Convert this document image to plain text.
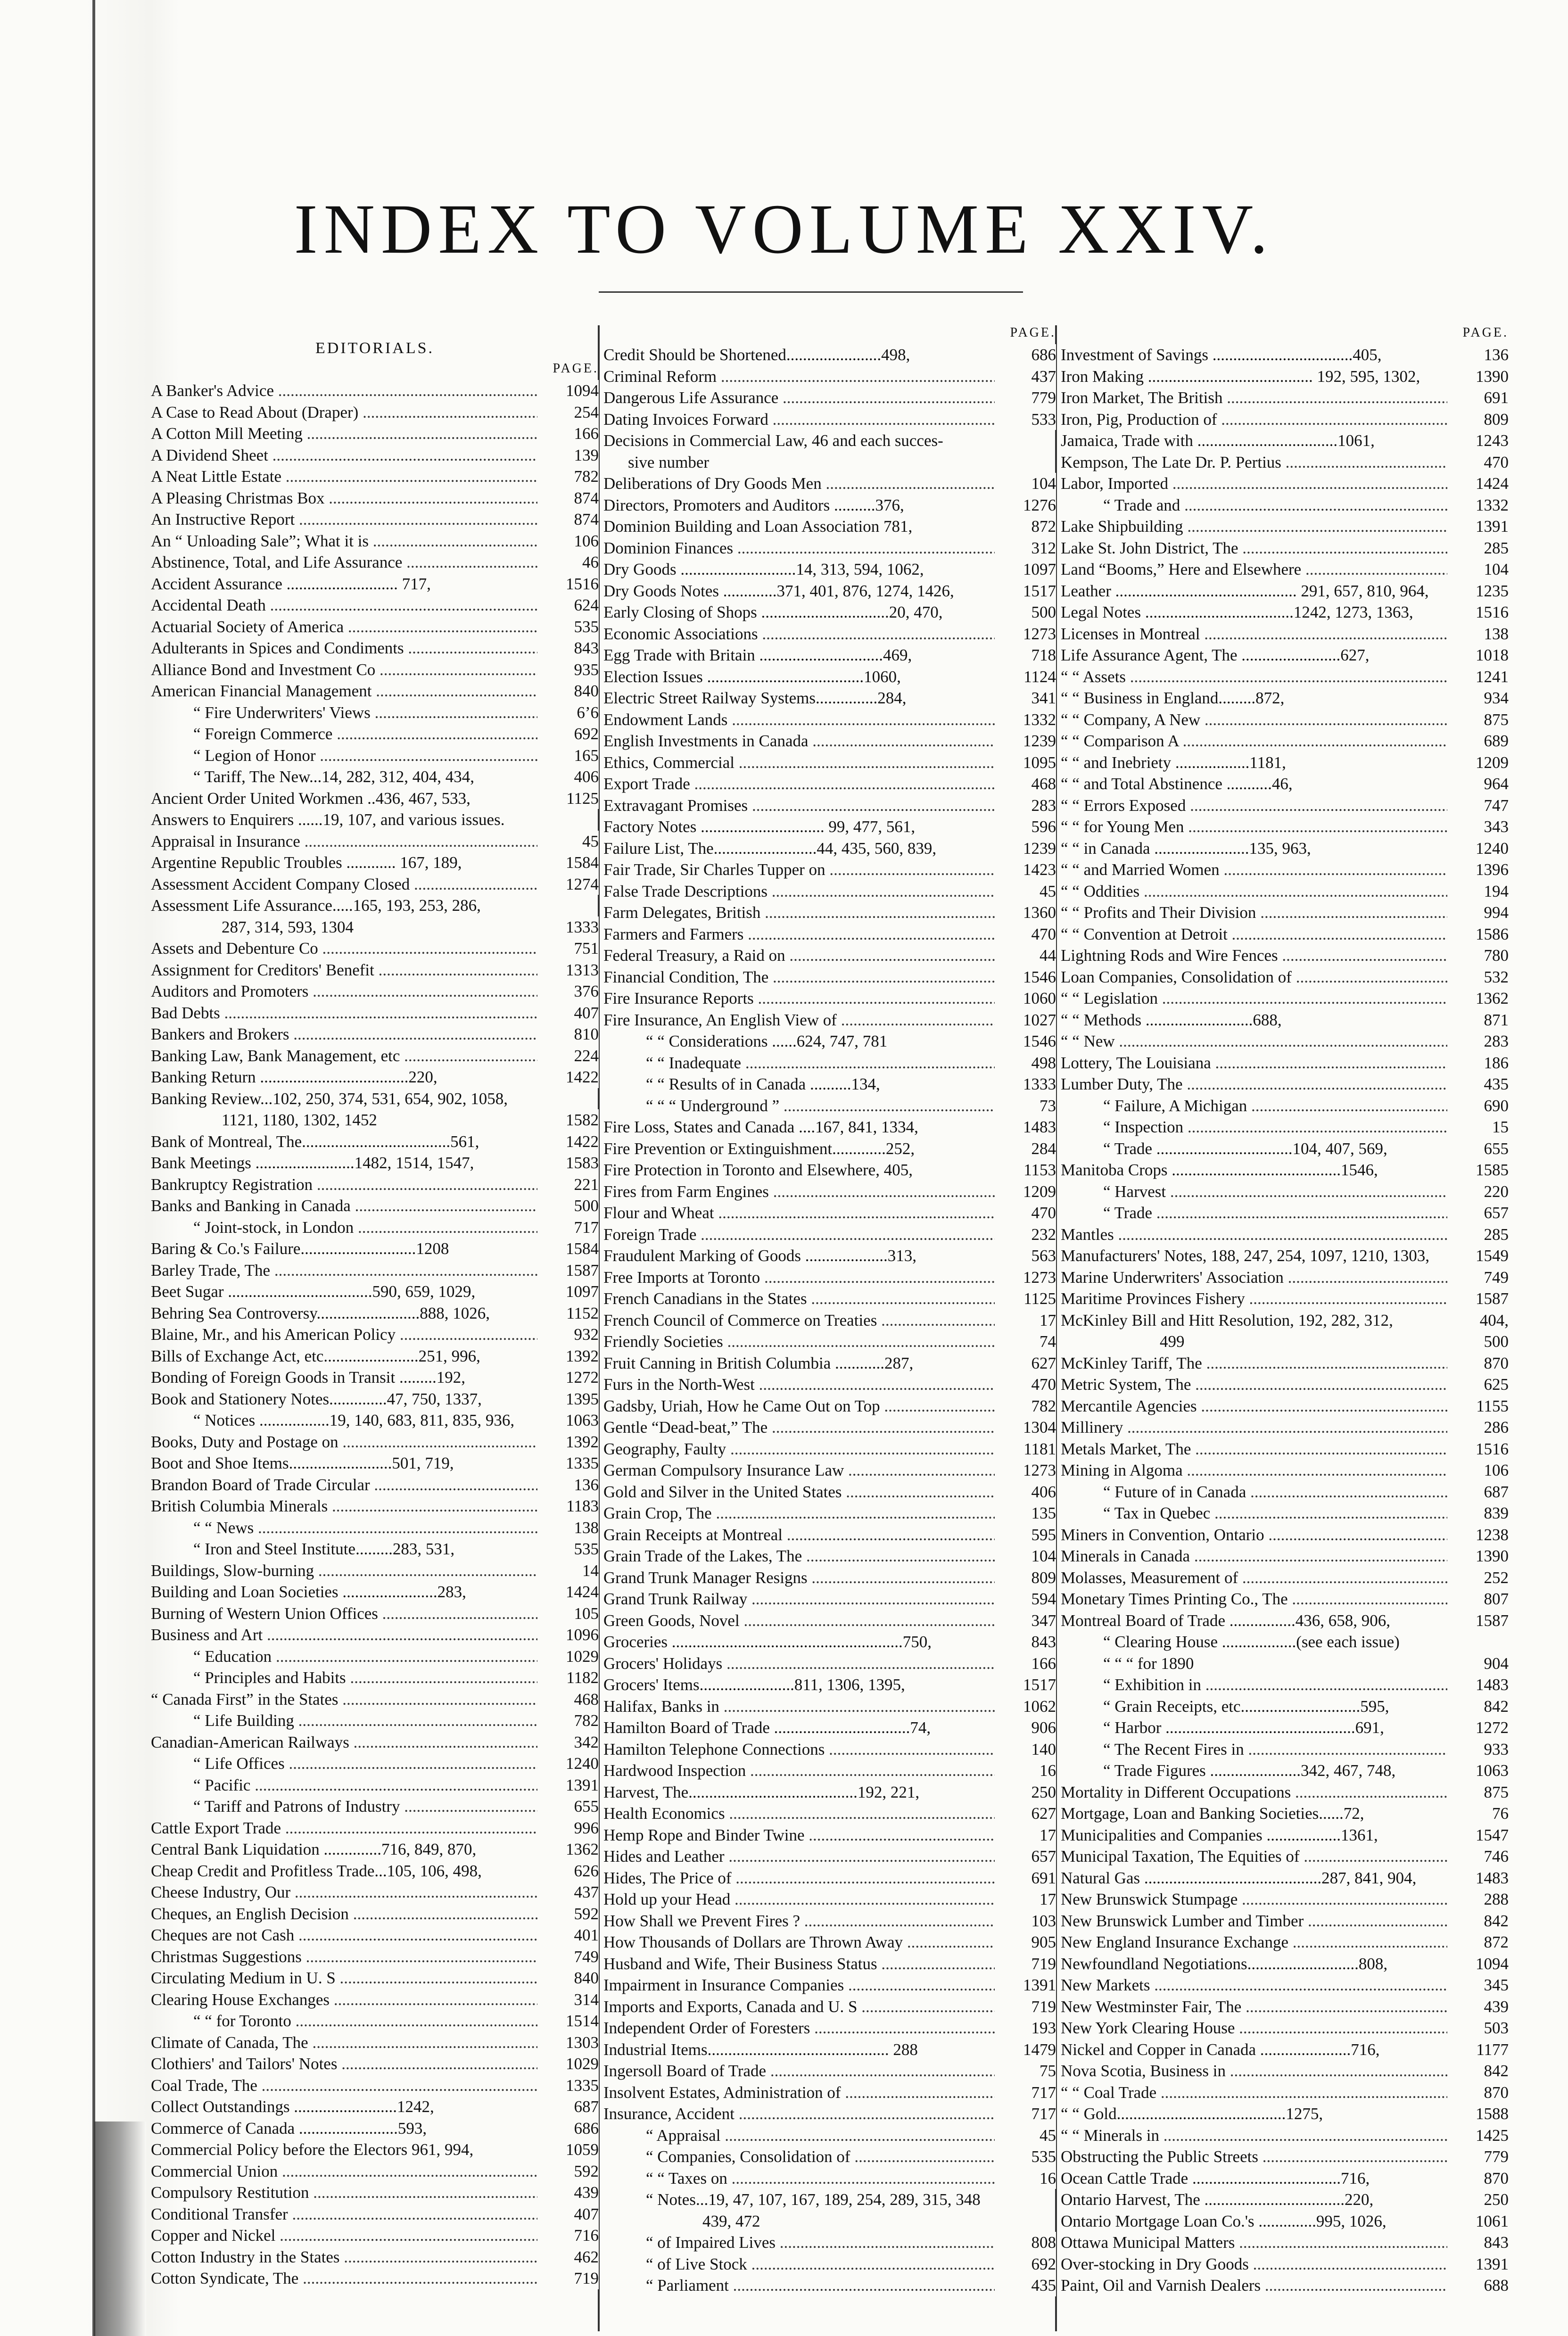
INDEX TO VOLUME XXIV.
EDITORIALS.
PAGE.
A Banker's Advice .....	1094
A Case to Read About (Draper) .....	254
A Cotton Mill Meeting .....	166
A Dividend Sheet .....	139
A Neat Little Estate .....	782
A Pleasing Christmas Box .....	874
An Instructive Report .....	874
An “ Unloading Sale”; What it is .....	106
Abstinence, Total, and Life Assurance .....	46
Accident Assurance ........................... 717,	1516
Accidental Death .....	624
Actuarial Society of America .....	535
Adulterants in Spices and Condiments .....	843
Alliance Bond and Investment Co .....	935
American Financial Management .....	840
“ Fire Underwriters' Views .....	6’6
“ Foreign Commerce .....	692
“ Legion of Honor .....	165
“ Tariff, The New...14, 282, 312, 404, 434,	406
Ancient Order United Workmen ..436, 467, 533,	1125
Answers to Enquirers ......19, 107, and various issues.
Appraisal in Insurance .....	45
Argentine Republic Troubles ............ 167, 189,	1584
Assessment Accident Company Closed .....	1274
Assessment Life Assurance.....165, 193, 253, 286,
287, 314, 593, 1304	1333
Assets and Debenture Co .....	751
Assignment for Creditors' Benefit .....	1313
Auditors and Promoters .....	376
Bad Debts .....	407
Bankers and Brokers .....	810
Banking Law, Bank Management, etc .....	224
Banking Return ....................................220,	1422
Banking Review...102, 250, 374, 531, 654, 902, 1058,
1121, 1180, 1302, 1452	1582
Bank of Montreal, The....................................561,	1422
Bank Meetings ........................1482, 1514, 1547,	1583
Bankruptcy Registration .....	221
Banks and Banking in Canada .....	500
“ Joint-stock, in London .....	717
Baring & Co.'s Failure............................1208	1584
Barley Trade, The .....	1587
Beet Sugar ...................................590, 659, 1029,	1097
Behring Sea Controversy.........................888, 1026,	1152
Blaine, Mr., and his American Policy .....	932
Bills of Exchange Act, etc.......................251, 996,	1392
Bonding of Foreign Goods in Transit .........192,	1272
Book and Stationery Notes..............47, 750, 1337,	1395
“ Notices .................19, 140, 683, 811, 835, 936,	1063
Books, Duty and Postage on .....	1392
Boot and Shoe Items.........................501, 719,	1335
Brandon Board of Trade Circular .....	136
British Columbia Minerals .....	1183
“ “ News .....	138
“ Iron and Steel Institute.........283, 531,	535
Buildings, Slow-burning .....	14
Building and Loan Societies .......................283,	1424
Burning of Western Union Offices .....	105
Business and Art .....	1096
“ Education .....	1029
“ Principles and Habits .....	1182
“ Canada First” in the States .....	468
“ Life Building .....	782
Canadian-American Railways .....	342
“ Life Offices .....	1240
“ Pacific .....	1391
“ Tariff and Patrons of Industry .....	655
Cattle Export Trade .....	996
Central Bank Liquidation ..............716, 849, 870,	1362
Cheap Credit and Profitless Trade...105, 106, 498,	626
Cheese Industry, Our .....	437
Cheques, an English Decision .....	592
Cheques are not Cash .....	401
Christmas Suggestions .....	749
Circulating Medium in U. S .....	840
Clearing House Exchanges .....	314
“ “ for Toronto .....	1514
Climate of Canada, The .....	1303
Clothiers' and Tailors' Notes .....	1029
Coal Trade, The .....	1335
Collect Outstandings .........................1242,	687
Commerce of Canada ........................593,	686
Commercial Policy before the Electors 961, 994,	1059
Commercial Union .....	592
Compulsory Restitution .....	439
Conditional Transfer .....	407
Copper and Nickel .....	716
Cotton Industry in the States .....	462
Cotton Syndicate, The .....	719
PAGE.
Credit Should be Shortened.......................498,	686
Criminal Reform .....	437
Dangerous Life Assurance .....	779
Dating Invoices Forward .....	533
Decisions in Commercial Law, 46 and each succes-
sive number
Deliberations of Dry Goods Men .....	104
Directors, Promoters and Auditors ..........376,	1276
Dominion Building and Loan Association 781,	872
Dominion Finances .....	312
Dry Goods ............................14, 313, 594, 1062,	1097
Dry Goods Notes .............371, 401, 876, 1274, 1426,	1517
Early Closing of Shops ...............................20, 470,	500
Economic Associations .....	1273
Egg Trade with Britain ..............................469,	718
Election Issues ......................................1060,	1124
Electric Street Railway Systems...............284,	341
Endowment Lands .....	1332
English Investments in Canada .....	1239
Ethics, Commercial .....	1095
Export Trade .....	468
Extravagant Promises .....	283
Factory Notes .............................. 99, 477, 561,	596
Failure List, The.........................44, 435, 560, 839,	1239
Fair Trade, Sir Charles Tupper on .....	1423
False Trade Descriptions .....	45
Farm Delegates, British .....	1360
Farmers and Farmers .....	470
Federal Treasury, a Raid on .....	44
Financial Condition, The .....	1546
Fire Insurance Reports .....	1060
Fire Insurance, An English View of .....	1027
“ “ Considerations ......624, 747, 781	1546
“ “ Inadequate .....	498
“ “ Results of in Canada ..........134,	1333
“ “ “ Underground ” .....	73
Fire Loss, States and Canada ....167, 841, 1334,	1483
Fire Prevention or Extinguishment.............252,	284
Fire Protection in Toronto and Elsewhere, 405,	1153
Fires from Farm Engines .....	1209
Flour and Wheat .....	470
Foreign Trade .....	232
Fraudulent Marking of Goods ....................313,	563
Free Imports at Toronto .....	1273
French Canadians in the States .....	1125
French Council of Commerce on Treaties .....	17
Friendly Societies .....	74
Fruit Canning in British Columbia ............287,	627
Furs in the North-West .....	470
Gadsby, Uriah, How he Came Out on Top .....	782
Gentle “Dead-beat,” The .....	1304
Geography, Faulty .....	1181
German Compulsory Insurance Law .....	1273
Gold and Silver in the United States .....	406
Grain Crop, The .....	135
Grain Receipts at Montreal .....	595
Grain Trade of the Lakes, The .....	104
Grand Trunk Manager Resigns .....	809
Grand Trunk Railway .....	594
Green Goods, Novel .....	347
Groceries ........................................................750,	843
Grocers' Holidays .....	166
Grocers' Items.......................811, 1306, 1395,	1517
Halifax, Banks in .....	1062
Hamilton Board of Trade .................................74,	906
Hamilton Telephone Connections .....	140
Hardwood Inspection .....	16
Harvest, The.........................................192, 221,	250
Health Economics .....	627
Hemp Rope and Binder Twine .....	17
Hides and Leather .....	657
Hides, The Price of .....	691
Hold up your Head .....	17
How Shall we Prevent Fires ? .....	103
How Thousands of Dollars are Thrown Away .....	905
Husband and Wife, Their Business Status .....	719
Impairment in Insurance Companies .....	1391
Imports and Exports, Canada and U. S .....	719
Independent Order of Foresters .....	193
Industrial Items............................................ 288	1479
Ingersoll Board of Trade .....	75
Insolvent Estates, Administration of .....	717
Insurance, Accident .....	717
“ Appraisal .....	45
“ Companies, Consolidation of .....	535
“ “ Taxes on .....	16
“ Notes...19, 47, 107, 167, 189, 254, 289, 315, 348
439, 472
“ of Impaired Lives .....	808
“ of Live Stock .....	692
“ Parliament .....	435
PAGE.
Investment of Savings ..................................405,	136
Iron Making ........................................ 192, 595, 1302,	1390
Iron Market, The British .....	691
Iron, Pig, Production of .....	809
Jamaica, Trade with ..................................1061,	1243
Kempson, The Late Dr. P. Pertius .....	470
Labor, Imported .....	1424
“ Trade and .....	1332
Lake Shipbuilding .....	1391
Lake St. John District, The .....	285
Land “Booms,” Here and Elsewhere .....	104
Leather ............................................ 291, 657, 810, 964,	1235
Legal Notes ....................................1242, 1273, 1363,	1516
Licenses in Montreal .....	138
Life Assurance Agent, The ........................627,	1018
“ “ Assets .....	1241
“ “ Business in England.........872,	934
“ “ Company, A New .....	875
“ “ Comparison A .....	689
“ “ and Inebriety ..................1181,	1209
“ “ and Total Abstinence ...........46,	964
“ “ Errors Exposed .....	747
“ “ for Young Men .....	343
“ “ in Canada .......................135, 963,	1240
“ “ and Married Women .....	1396
“ “ Oddities .....	194
“ “ Profits and Their Division .....	994
“ “ Convention at Detroit .....	1586
Lightning Rods and Wire Fences .....	780
Loan Companies, Consolidation of .....	532
“ “ Legislation .....	1362
“ “ Methods ..........................688,	871
“ “ New .....	283
Lottery, The Louisiana .....	186
Lumber Duty, The .....	435
“ Failure, A Michigan .....	690
“ Inspection .....	15
“ Trade .................................104, 407, 569,	655
Manitoba Crops .........................................1546,	1585
“ Harvest .....	220
“ Trade .....	657
Mantles .....	285
Manufacturers' Notes, 188, 247, 254, 1097, 1210, 1303,	1549
Marine Underwriters' Association .....	749
Maritime Provinces Fishery .....	1587
McKinley Bill and Hitt Resolution, 192, 282, 312,	404,
499	500
McKinley Tariff, The .....	870
Metric System, The .....	625
Mercantile Agencies .....	1155
Millinery .....	286
Metals Market, The .....	1516
Mining in Algoma .....	106
“ Future of in Canada .....	687
“ Tax in Quebec .....	839
Miners in Convention, Ontario .....	1238
Minerals in Canada .....	1390
Molasses, Measurement of .....	252
Monetary Times Printing Co., The .....	807
Montreal Board of Trade ................436, 658, 906,	1587
“ Clearing House ..................(see each issue)
“ “ “ for 1890	904
“ Exhibition in .....	1483
“ Grain Receipts, etc.............................595,	842
“ Harbor ..............................................691,	1272
“ The Recent Fires in .....	933
“ Trade Figures ......................342, 467, 748,	1063
Mortality in Different Occupations .....	875
Mortgage, Loan and Banking Societies......72,	76
Municipalities and Companies ..................1361,	1547
Municipal Taxation, The Equities of .....	746
Natural Gas ...........................................287, 841, 904,	1483
New Brunswick Stumpage .....	288
New Brunswick Lumber and Timber .....	842
New England Insurance Exchange .....	872
Newfoundland Negotiations...........................808,	1094
New Markets .....	345
New Westminster Fair, The .....	439
New York Clearing House .....	503
Nickel and Copper in Canada ......................716,	1177
Nova Scotia, Business in .....	842
“ “ Coal Trade .....	870
“ “ Gold.........................................1275,	1588
“ “ Minerals in .....	1425
Obstructing the Public Streets .....	779
Ocean Cattle Trade ....................................716,	870
Ontario Harvest, The ..................................220,	250
Ontario Mortgage Loan Co.'s ..............995, 1026,	1061
Ottawa Municipal Matters .....	843
Over-stocking in Dry Goods .....	1391
Paint, Oil and Varnish Dealers .....	688
